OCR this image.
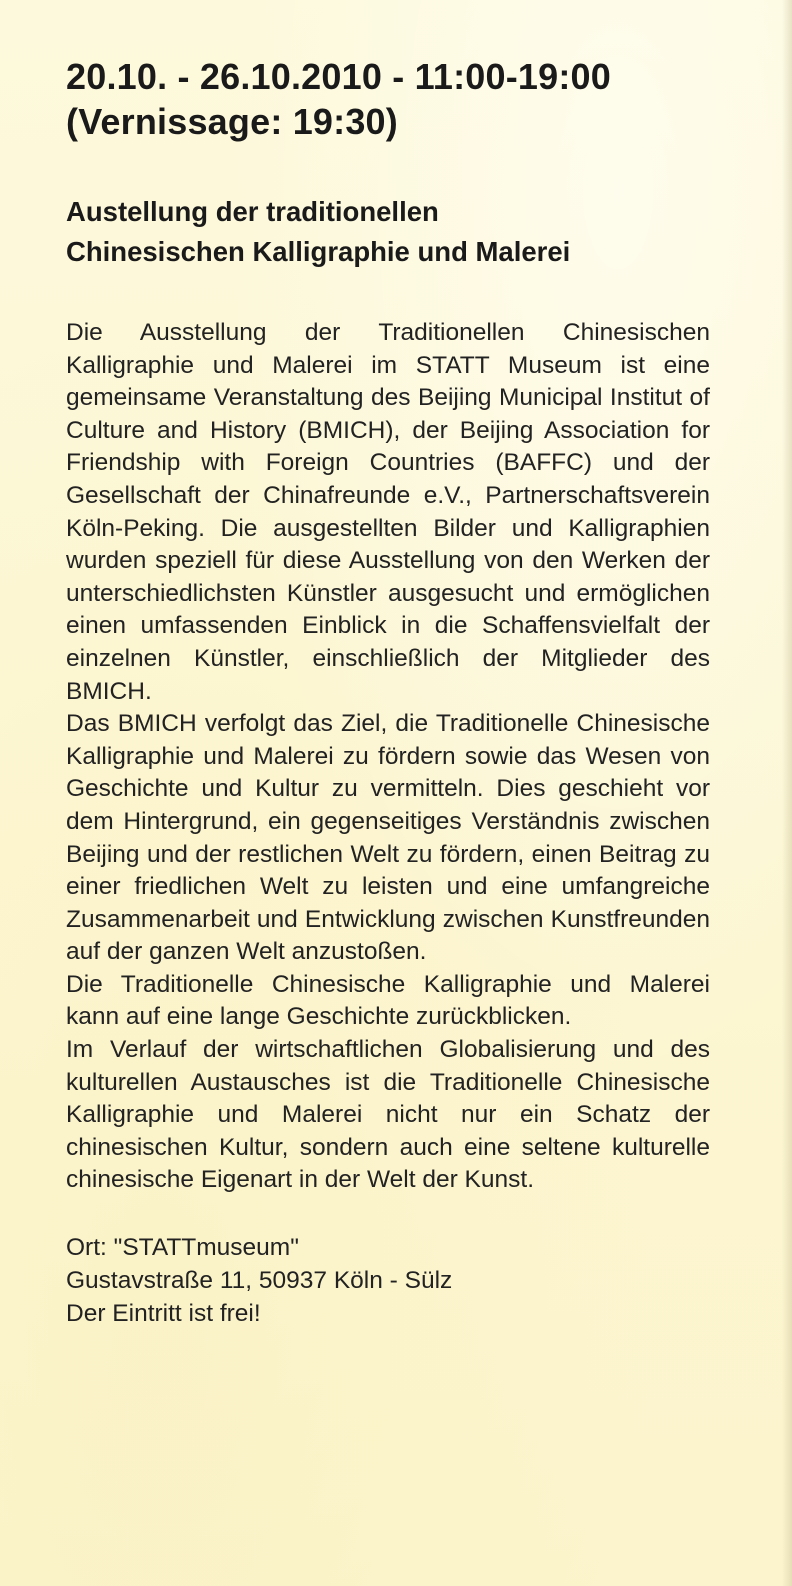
20.10. - 26.10.2010 - 11:00-19:00
(Vernissage: 19:30)
Austellung der traditionellen
Chinesischen Kalligraphie und Malerei

Die Ausstellung der Traditionellen Chinesischen Kalligraphie und Malerei im STATT Museum ist eine gemeinsame Veranstaltung des Beijing Municipal Institut of Culture and History (BMICH), der Beijing Association for Friendship with Foreign Countries (BAFFC) und der Gesellschaft der Chinafreunde e.V., Partnerschaftsverein Köln-Peking. Die ausgestellten Bilder und Kalligraphien wurden speziell für diese Ausstellung von den Werken der unterschiedlichsten Künstler ausgesucht und ermöglichen einen umfassenden Einblick in die Schaffensvielfalt der einzelnen Künstler, einschließlich der Mitglieder des BMICH.

Das BMICH verfolgt das Ziel, die Traditionelle Chinesische Kalligraphie und Malerei zu fördern sowie das Wesen von Geschichte und Kultur zu vermitteln. Dies geschieht vor dem Hintergrund, ein gegenseitiges Verständnis zwischen Beijing und der restlichen Welt zu fördern, einen Beitrag zu einer friedlichen Welt zu leisten und eine umfangreiche Zusammenarbeit und Entwicklung zwischen Kunstfreunden auf der ganzen Welt anzustoßen.

Die Traditionelle Chinesische Kalligraphie und Malerei kann auf eine lange Geschichte zurückblicken.

Im Verlauf der wirtschaftlichen Globalisierung und des kulturellen Austausches ist die Traditionelle Chinesische Kalligraphie und Malerei nicht nur ein Schatz der chinesischen Kultur, sondern auch eine seltene kulturelle chinesische Eigenart in der Welt der Kunst.

Ort: "STATTmuseum"
Gustavstraße 11, 50937 Köln - Sülz
Der Eintritt ist frei!
